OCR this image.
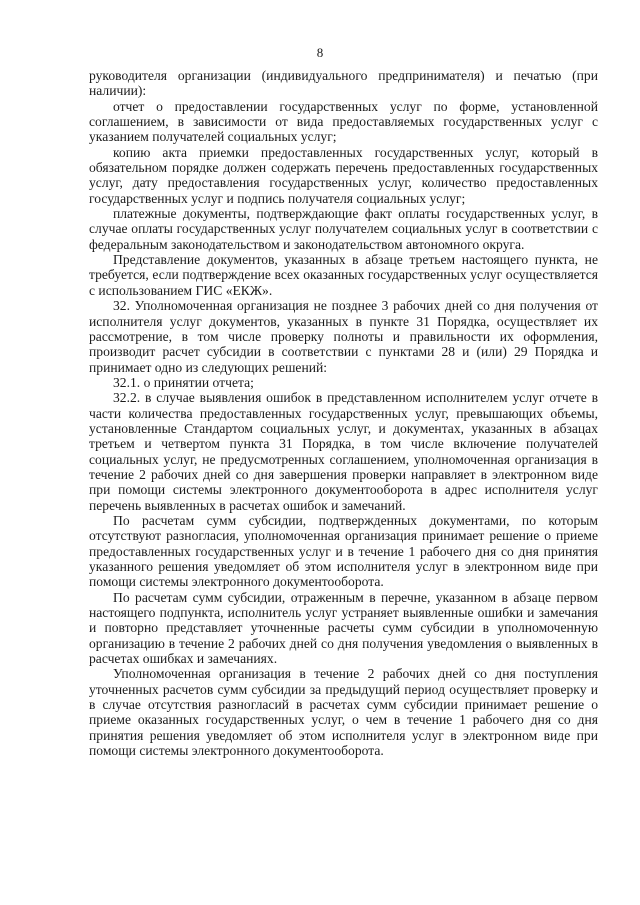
8

руководителя организации (индивидуального предпринимателя) и печатью (при наличии):

отчет о предоставлении государственных услуг по форме, установленной соглашением, в зависимости от вида предоставляемых государственных услуг с указанием получателей социальных услуг;

копию акта приемки предоставленных государственных услуг, который в обязательном порядке должен содержать перечень предоставленных государственных услуг, дату предоставления государственных услуг, количество предоставленных государственных услуг и подпись получателя социальных услуг;

платежные документы, подтверждающие факт оплаты государственных услуг, в случае оплаты государственных услуг получателем социальных услуг в соответствии с федеральным законодательством и законодательством автономного округа.

Представление документов, указанных в абзаце третьем настоящего пункта, не требуется, если подтверждение всех оказанных государственных услуг осуществляется с использованием ГИС «ЕКЖ».

32. Уполномоченная организация не позднее 3 рабочих дней со дня получения от исполнителя услуг документов, указанных в пункте 31 Порядка, осуществляет их рассмотрение, в том числе проверку полноты и правильности их оформления, производит расчет субсидии в соответствии с пунктами 28 и (или) 29 Порядка и принимает одно из следующих решений:

32.1. о принятии отчета;

32.2. в случае выявления ошибок в представленном исполнителем услуг отчете в части количества предоставленных государственных услуг, превышающих объемы, установленные Стандартом социальных услуг, и документах, указанных в абзацах третьем и четвертом пункта 31 Порядка, в том числе включение получателей социальных услуг, не предусмотренных соглашением, уполномоченная организация в течение 2 рабочих дней со дня завершения проверки направляет в электронном виде при помощи системы электронного документооборота в адрес исполнителя услуг перечень выявленных в расчетах ошибок и замечаний.

По расчетам сумм субсидии, подтвержденных документами, по которым отсутствуют разногласия, уполномоченная организация принимает решение о приеме предоставленных государственных услуг и в течение 1 рабочего дня со дня принятия указанного решения уведомляет об этом исполнителя услуг в электронном виде при помощи системы электронного документооборота.

По расчетам сумм субсидии, отраженным в перечне, указанном в абзаце первом настоящего подпункта, исполнитель услуг устраняет выявленные ошибки и замечания и повторно представляет уточненные расчеты сумм субсидии в уполномоченную организацию в течение 2 рабочих дней со дня получения уведомления о выявленных в расчетах ошибках и замечаниях.

Уполномоченная организация в течение 2 рабочих дней со дня поступления уточненных расчетов сумм субсидии за предыдущий период осуществляет проверку и в случае отсутствия разногласий в расчетах сумм субсидии принимает решение о приеме оказанных государственных услуг, о чем в течение 1 рабочего дня со дня принятия решения уведомляет об этом исполнителя услуг в электронном виде при помощи системы электронного документооборота.
